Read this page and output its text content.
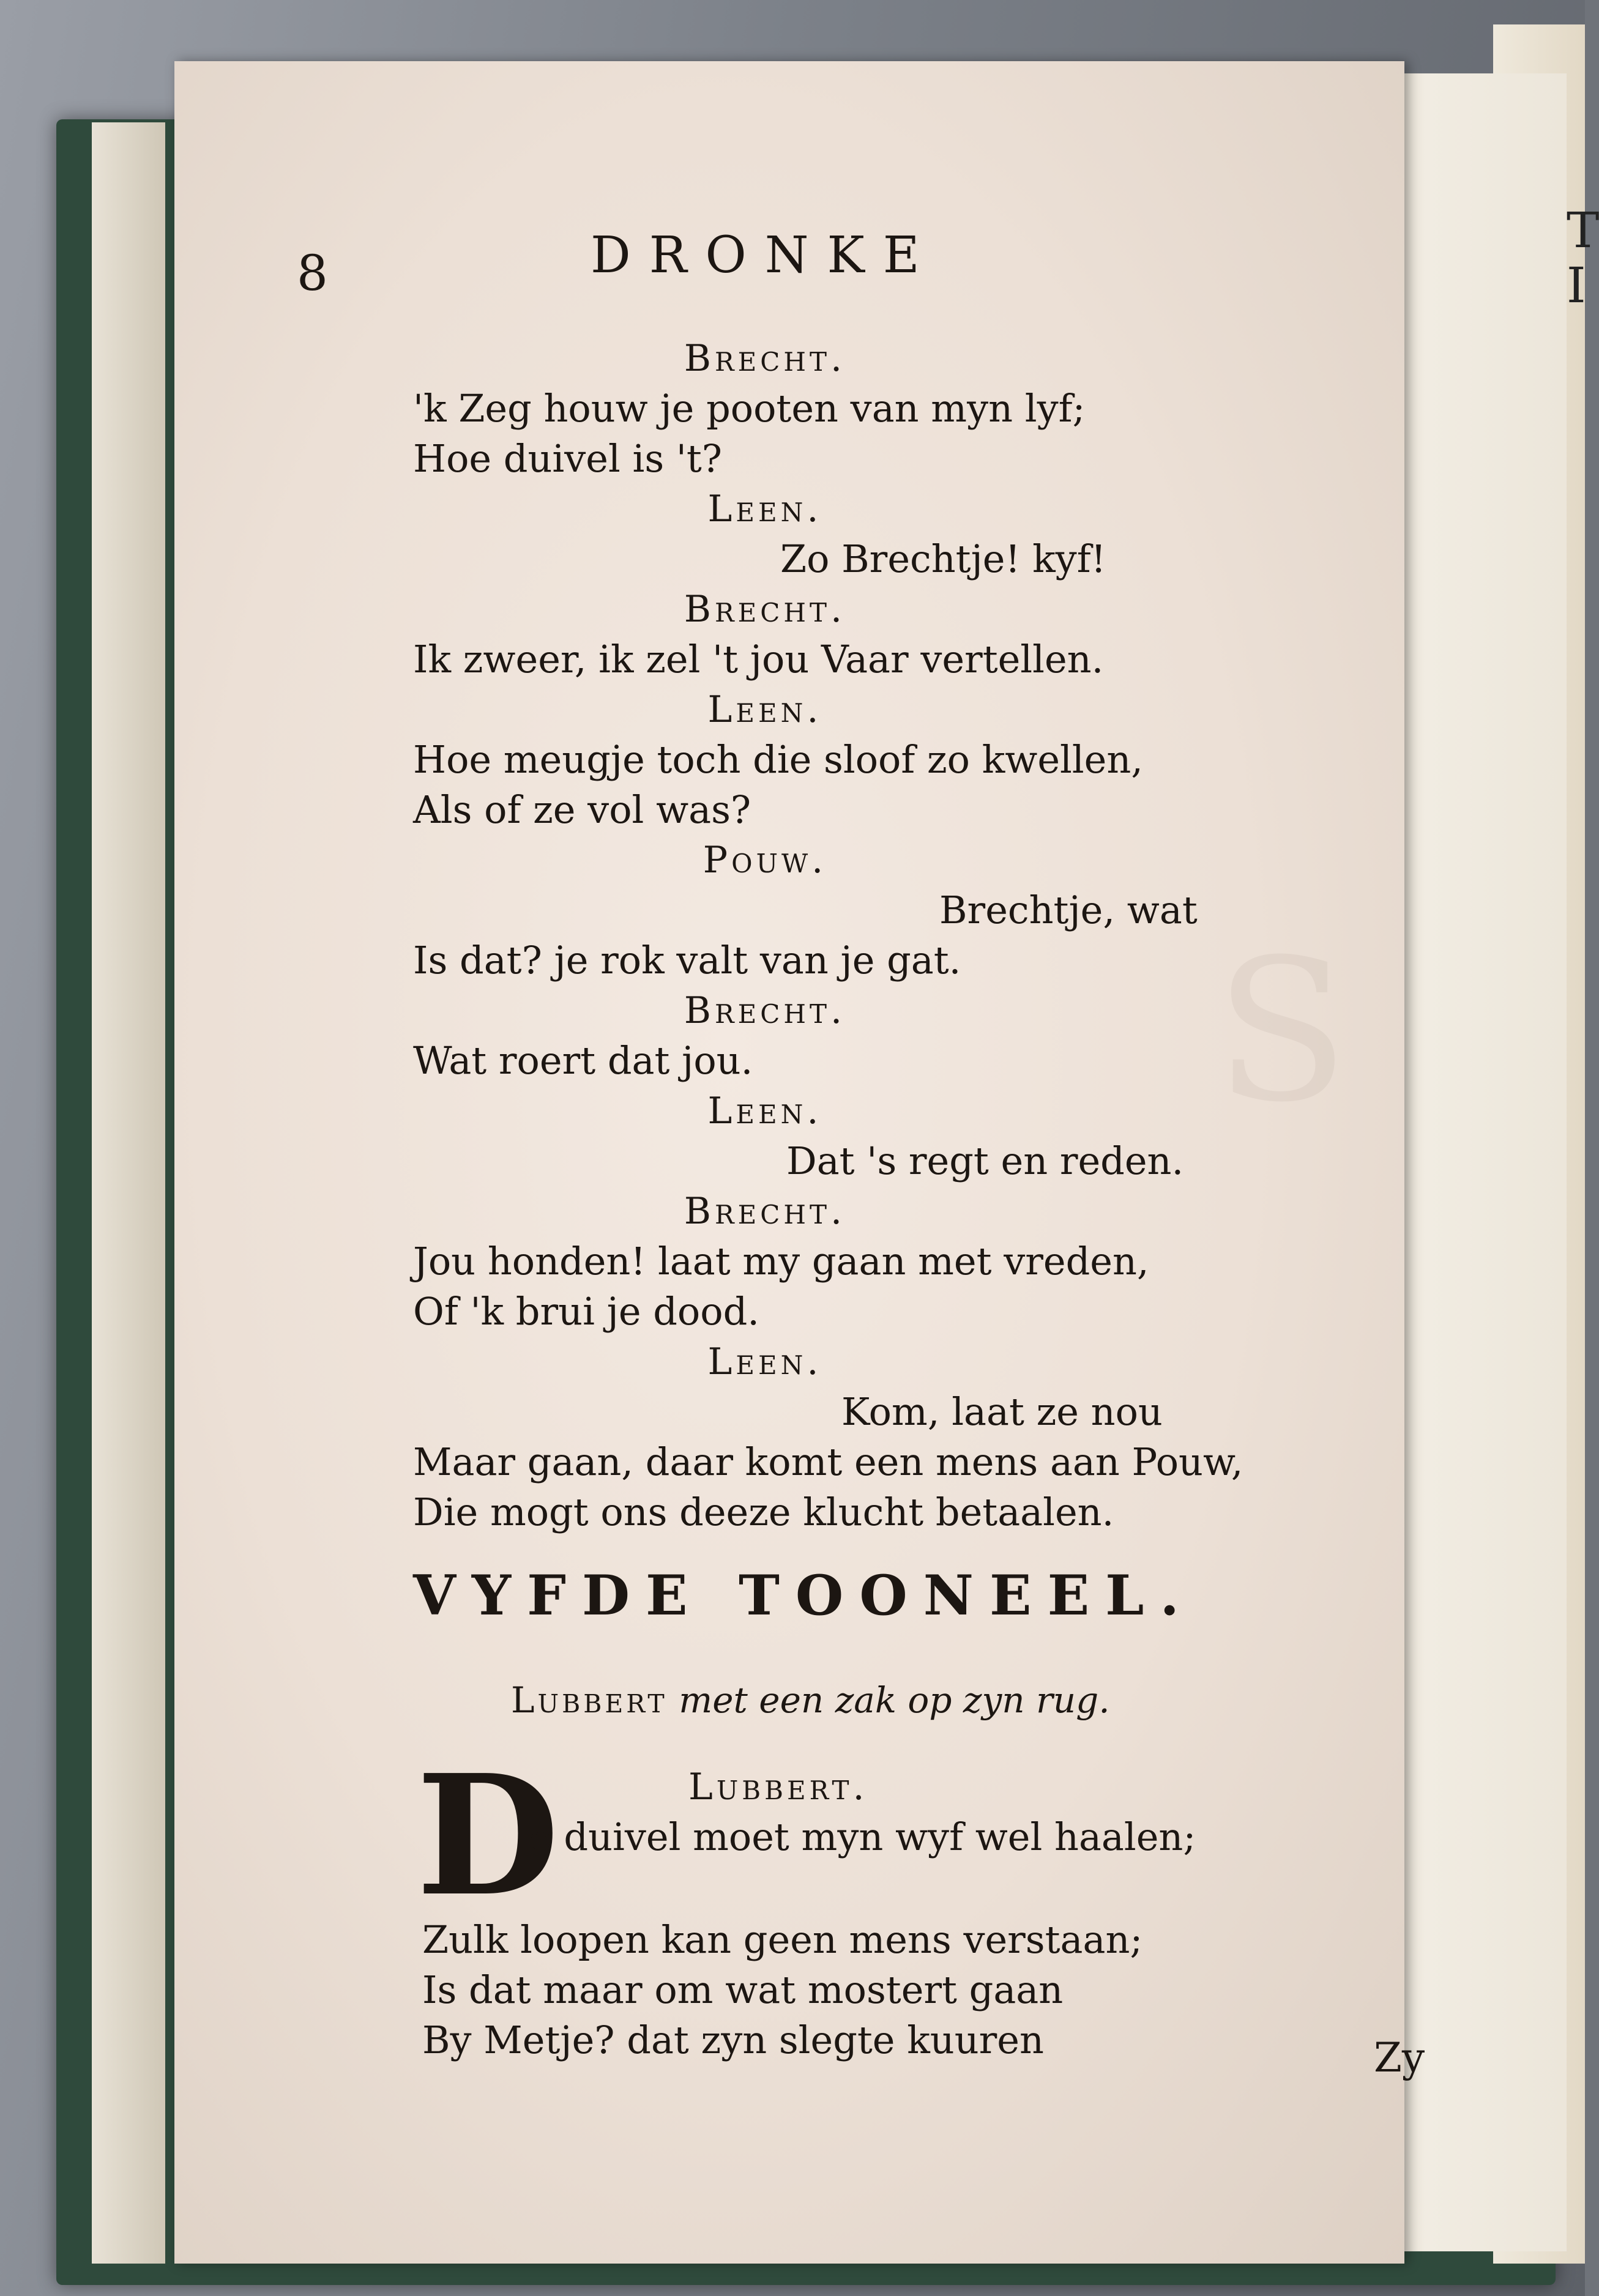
T
I
S
8	DRONKE
Brecht.
'k Zeg houw je pooten van myn lyf;
Hoe duivel is 't?
Leen.
Zo Brechtje! kyf!
Brecht.
Ik zweer, ik zel 't jou Vaar vertellen.
Leen.
Hoe meugje toch die sloof zo kwellen,
Als of ze vol was?
Pouw.
Brechtje, wat
Is dat? je rok valt van je gat.
Brecht.
Wat roert dat jou.
Leen.
Dat 's regt en reden.
Brecht.
Jou honden! laat my gaan met vreden,
Of 'k brui je dood.
Leen.
Kom, laat ze nou
Maar gaan, daar komt een mens aan Pouw,
Die mogt ons deeze klucht betaalen.
VYFDE TOONEEL.
Lubbert met een zak op zyn rug.
D	Lubbert.
e duivel moet myn wyf wel haalen;
Zulk loopen kan geen mens verstaan;
Is dat maar om wat mostert gaan
By Metje? dat zyn slegte kuuren	Zy
